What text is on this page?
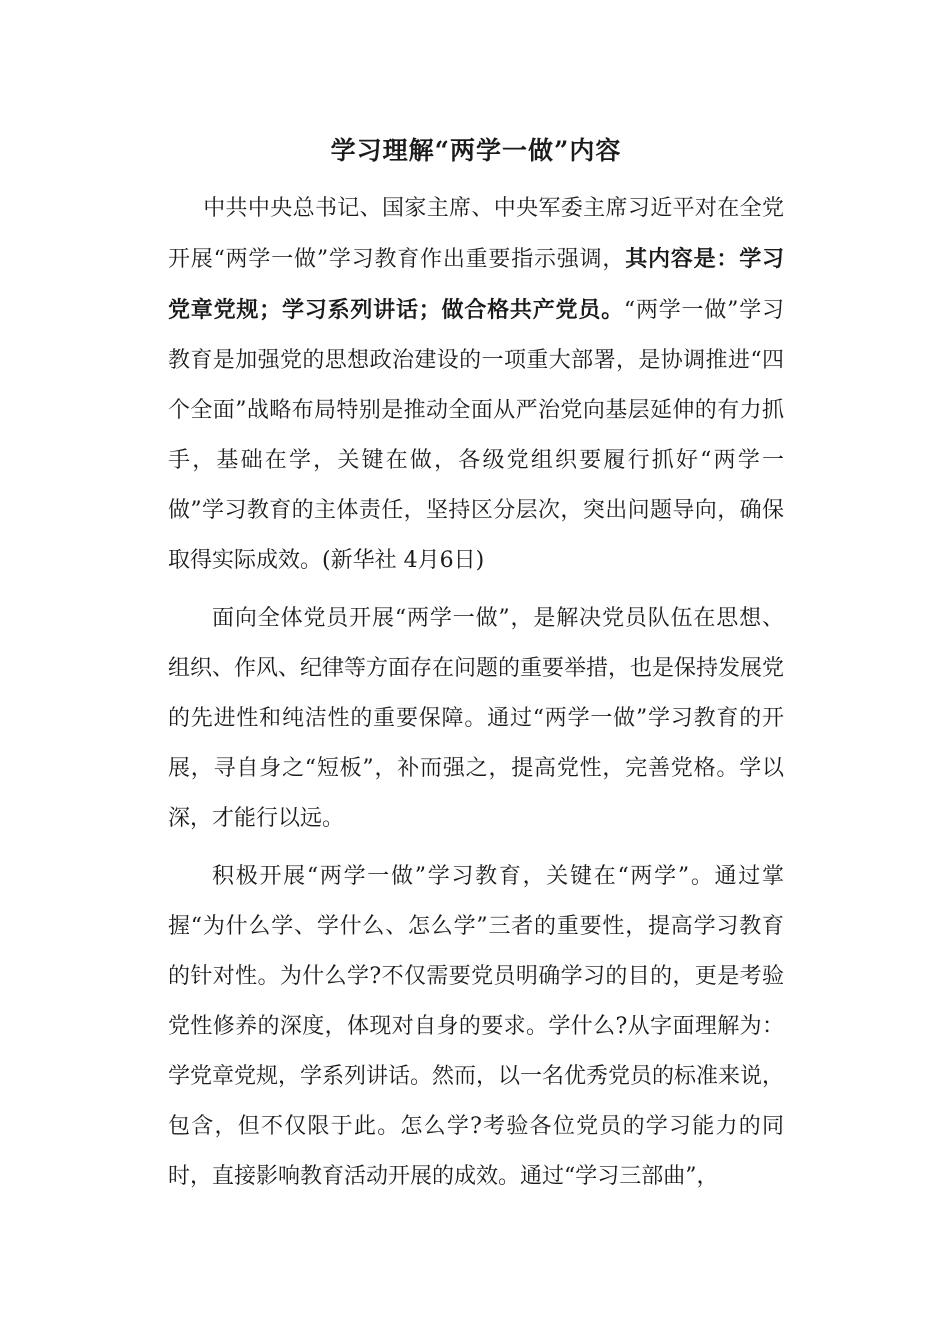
学习理解“两学一做”内容

中共中央总书记、国家主席、中央军委主席习近平对在全党开展“两学一做”学习教育作出重要指示强调，其内容是：学习党章党规；学习系列讲话；做合格共产党员。“两学一做”学习教育是加强党的思想政治建设的一项重大部署，是协调推进“四个全面”战略布局特别是推动全面从严治党向基层延伸的有力抓手，基础在学，关键在做，各级党组织要履行抓好“两学一做”学习教育的主体责任，坚持区分层次，突出问题导向，确保取得实际成效。(新华社 4月6日)

面向全体党员开展“两学一做”，是解决党员队伍在思想、组织、作风、纪律等方面存在问题的重要举措，也是保持发展党的先进性和纯洁性的重要保障。通过“两学一做”学习教育的开展，寻自身之“短板”，补而强之，提高党性，完善党格。学以深，才能行以远。

积极开展“两学一做”学习教育，关键在“两学”。通过掌握“为什么学、学什么、怎么学”三者的重要性，提高学习教育的针对性。为什么学?不仅需要党员明确学习的目的，更是考验党性修养的深度，体现对自身的要求。学什么?从字面理解为：学党章党规，学系列讲话。然而，以一名优秀党员的标准来说，包含，但不仅限于此。怎么学?考验各位党员的学习能力的同时，直接影响教育活动开展的成效。通过“学习三部曲”，
